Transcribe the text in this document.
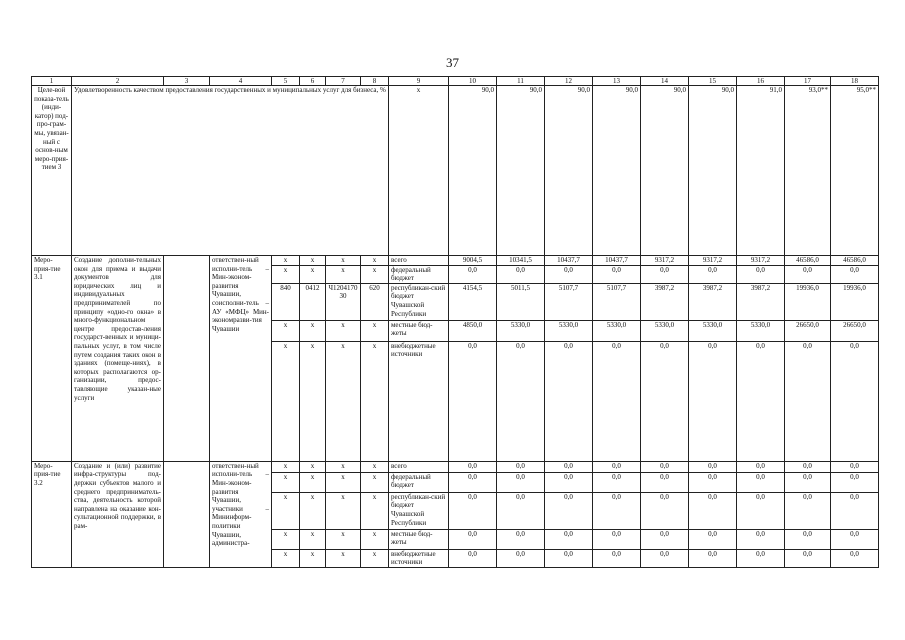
37
1	2	3	4	5	6	7	8	9	10	11	12	13	14	15	16	17	18
Целе-вой показа-тель (инди-катор) под-про-грам-мы, увязан-ный с основ-ным меро-прия-тием 3	Удовлетворенность качеством предоставления государственных и муниципальных услуг для бизнеса, %							х	90,0	90,0	90,0	90,0	90,0	90,0	91,0	93,0**	95,0**
Меро-прия-тие 3.1	Создание дополни-тельных окон для приема и выдачи документов для юридических лиц и индивидуальных предпринимателей по принципу «одно-го окна» в много-функциональном центре предостав-ления государст-венных и муници-пальных услуг, в том числе путем создания таких окон в зданиях (помеще-ниях), в которых располагаются ор-ганизации, предос-тавляющие указан-ные услуги		ответствен-ный исполни-тель – Мин-эконом-развития Чувашии, соисполни-тель – АУ «МФЦ» Мин-экономразви-тия Чувашии	х	х	х	х	всего	9004,5	10341,5	10437,7	10437,7	9317,2	9317,2	9317,2	46586,0	46586,0
				х	х	х	х	федеральный бюджет	0,0	0,0	0,0	0,0	0,0	0,0	0,0	0,0	0,0
				840	0412	Ч1204170 30	620	республикан-ский бюджет Чувашской Республики	4154,5	5011,5	5107,7	5107,7	3987,2	3987,2	3987,2	19936,0	19936,0
				х	х	х	х	местные бюд-жеты	4850,0	5330,0	5330,0	5330,0	5330,0	5330,0	5330,0	26650,0	26650,0
				х	х	х	х	внебюджетные источники	0,0	0,0	0,0	0,0	0,0	0,0	0,0	0,0	0,0
Меро-прия-тие 3.2	Создание и (или) развитие инфра-структуры под-держки субъектов малого и среднего предприниматель-ства, деятельность которой направлена на оказание кон-сультационной поддержки, в рам-		ответствен-ный исполни-тель – Мин-эконом-развития Чувашии, участники – Мининформ-политики Чувашии, администра-	х	х	х	х	всего	0,0	0,0	0,0	0,0	0,0	0,0	0,0	0,0	0,0
				х	х	х	х	федеральный бюджет	0,0	0,0	0,0	0,0	0,0	0,0	0,0	0,0	0,0
				х	х	х	х	республикан-ский бюджет Чувашской Республики	0,0	0,0	0,0	0,0	0,0	0,0	0,0	0,0	0,0
				х	х	х	х	местные бюд-жеты	0,0	0,0	0,0	0,0	0,0	0,0	0,0	0,0	0,0
				х	х	х	х	внебюджетные источники	0,0	0,0	0,0	0,0	0,0	0,0	0,0	0,0	0,0
